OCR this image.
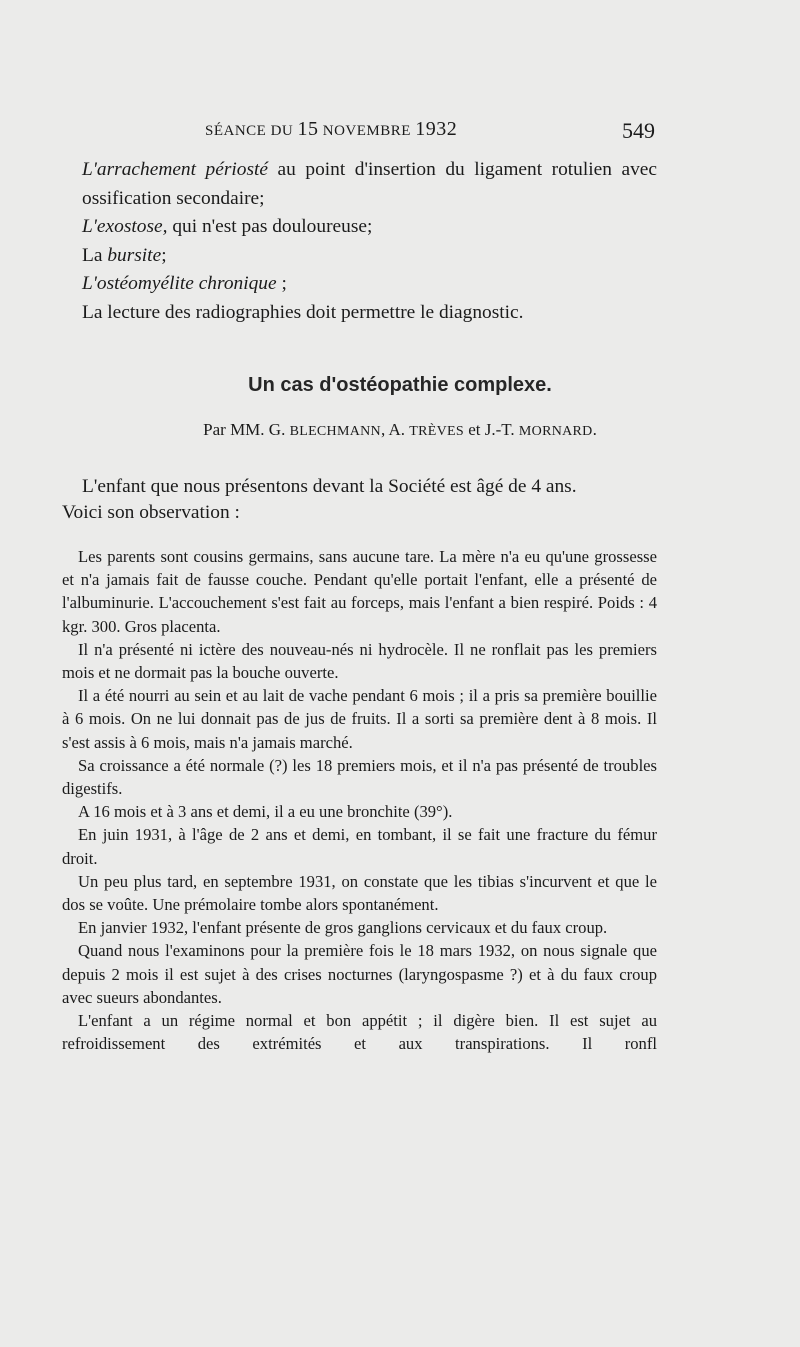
SÉANCE DU 15 NOVEMBRE 1932	549

L'arrachement périosté au point d'insertion du ligament rotulien avec ossification secondaire;

L'exostose, qui n'est pas douloureuse;

La bursite;

L'ostéomyélite chronique ;

La lecture des radiographies doit permettre le diagnostic.

Un cas d'ostéopathie complexe.
Par MM. G. BLECHMANN, A. TRÈVES et J.-T. MORNARD.

L'enfant que nous présentons devant la Société est âgé de 4 ans.

Voici son observation :

Les parents sont cousins germains, sans aucune tare. La mère n'a eu qu'une grossesse et n'a jamais fait de fausse couche. Pendant qu'elle portait l'enfant, elle a présenté de l'albuminurie. L'accouchement s'est fait au forceps, mais l'enfant a bien respiré. Poids : 4 kgr. 300. Gros placenta.

Il n'a présenté ni ictère des nouveau-nés ni hydrocèle. Il ne ronflait pas les premiers mois et ne dormait pas la bouche ouverte.

Il a été nourri au sein et au lait de vache pendant 6 mois ; il a pris sa première bouillie à 6 mois. On ne lui donnait pas de jus de fruits. Il a sorti sa première dent à 8 mois. Il s'est assis à 6 mois, mais n'a jamais marché.

Sa croissance a été normale (?) les 18 premiers mois, et il n'a pas présenté de troubles digestifs.

A 16 mois et à 3 ans et demi, il a eu une bronchite (39°).

En juin 1931, à l'âge de 2 ans et demi, en tombant, il se fait une fracture du fémur droit.

Un peu plus tard, en septembre 1931, on constate que les tibias s'incurvent et que le dos se voûte. Une prémolaire tombe alors spontanément.

En janvier 1932, l'enfant présente de gros ganglions cervicaux et du faux croup.

Quand nous l'examinons pour la première fois le 18 mars 1932, on nous signale que depuis 2 mois il est sujet à des crises nocturnes (laryngospasme ?) et à du faux croup avec sueurs abondantes.

L'enfant a un régime normal et bon appétit ; il digère bien. Il est sujet au refroidissement des extrémités et aux transpirations. Il ronfl
